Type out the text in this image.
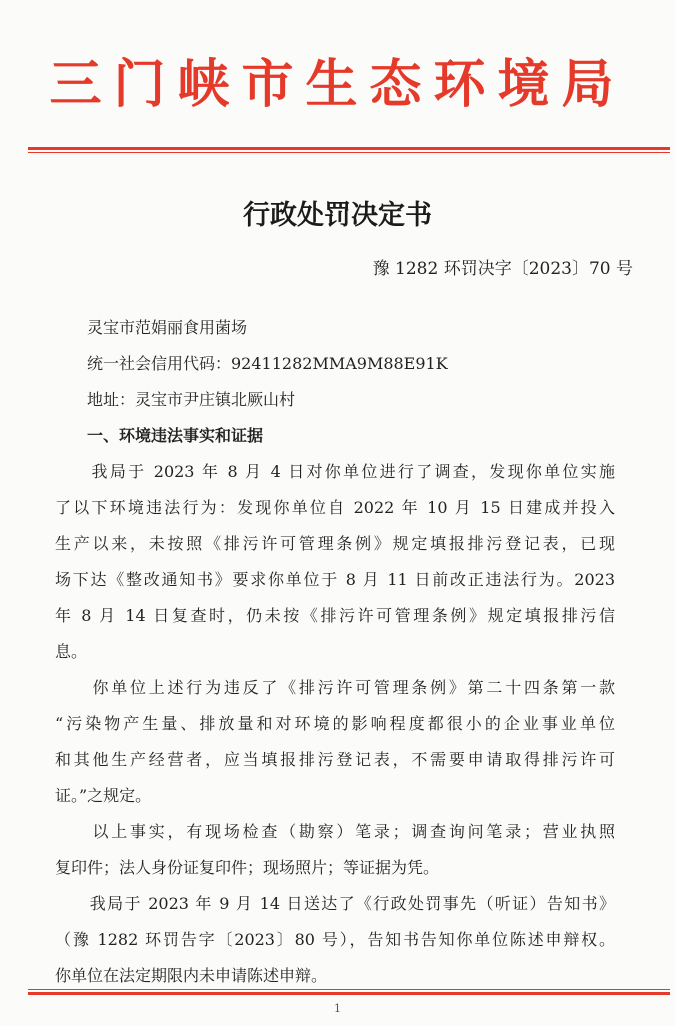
三门峡市生态环境局
行政处罚决定书
豫 1282 环罚决字〔2023〕70 号
灵宝市范娟丽食用菌场
统一社会信用代码：92411282MMA9M88E91K
地址：灵宝市尹庄镇北厥山村
一、环境违法事实和证据
　　我局于 2023 年 8 月 4 日对你单位进行了调查，发现你单位实施
了以下环境违法行为：发现你单位自 2022 年 10 月 15 日建成并投入
生产以来，未按照《排污许可管理条例》规定填报排污登记表，已现
场下达《整改通知书》要求你单位于 8 月 11 日前改正违法行为。2023
年 8 月 14 日复查时，仍未按《排污许可管理条例》规定填报排污信
息。
　　你单位上述行为违反了《排污许可管理条例》第二十四条第一款
“污染物产生量、排放量和对环境的影响程度都很小的企业事业单位
和其他生产经营者，应当填报排污登记表，不需要申请取得排污许可
证。”之规定。
　　以上事实，有现场检查（勘察）笔录；调查询问笔录；营业执照
复印件；法人身份证复印件；现场照片；等证据为凭。
　　我局于 2023 年 9 月 14 日送达了《行政处罚事先（听证）告知书》
（豫 1282 环罚告字〔2023〕80 号），告知书告知你单位陈述申辩权。
你单位在法定期限内未申请陈述申辩。
1
